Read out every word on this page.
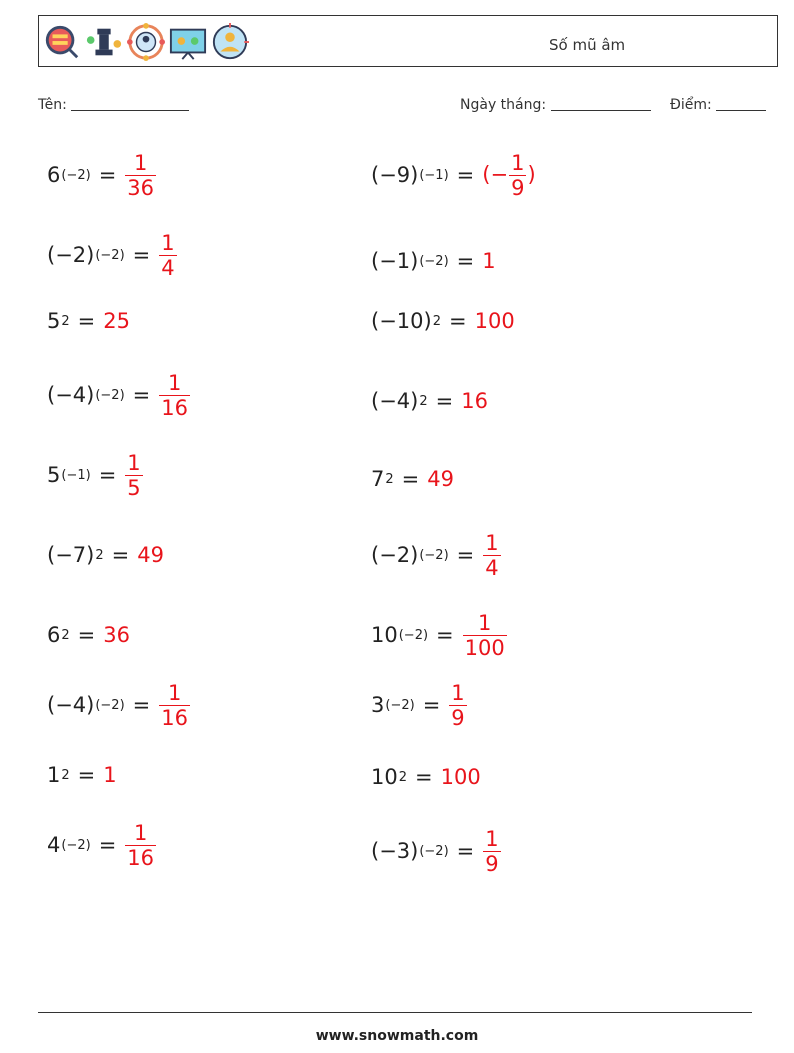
Số mũ âm
Tên:	Ngày tháng:	Điểm:
6 $(-2) = \frac{1}{36}$
(−2) $(-2) = \frac{1}{4}$
5 2 = 25
(−4) $(-2) = \frac{1}{16}$
5 $(-1) = \frac{1}{5}$
(−7) 2 = 49
6 2 = 36
(−4) $(-2) = \frac{1}{16}$
1 2 = 1
4 $(-2) = \frac{1}{16}$
(−9) (−1) = (− $\frac{1}{9}$ )
(−1) (−2) = 1
(−10) 2 = 100
(−4) 2 = 16
7 2 = 49
(−2) $(-2) = \frac{1}{4}$
10 $(-2) = \frac{1}{100}$
3 $(-2) = \frac{1}{9}$
10 2 = 100
(−3) $(-2) = \frac{1}{9}$
www.snowmath.com
